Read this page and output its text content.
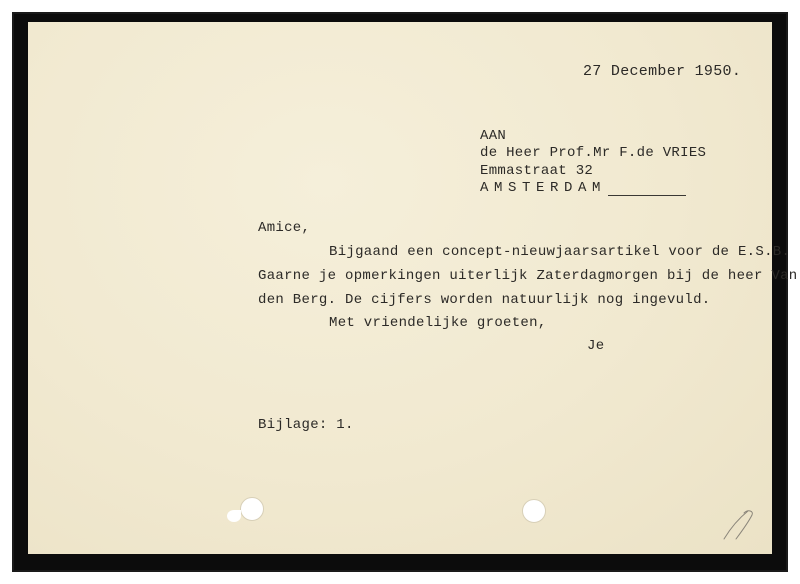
27 December 1950.

AAN

de Heer Prof.Mr F.de VRIES

Emmastraat 32

AMSTERDAM

Amice,

Bijgaand een concept-nieuwjaarsartikel voor de E.S.B.

Gaarne je opmerkingen uiterlijk Zaterdagmorgen bij de heer Van

den Berg. De cijfers worden natuurlijk nog ingevuld.

Met vriendelijke groeten,

Je

Bijlage: 1.
